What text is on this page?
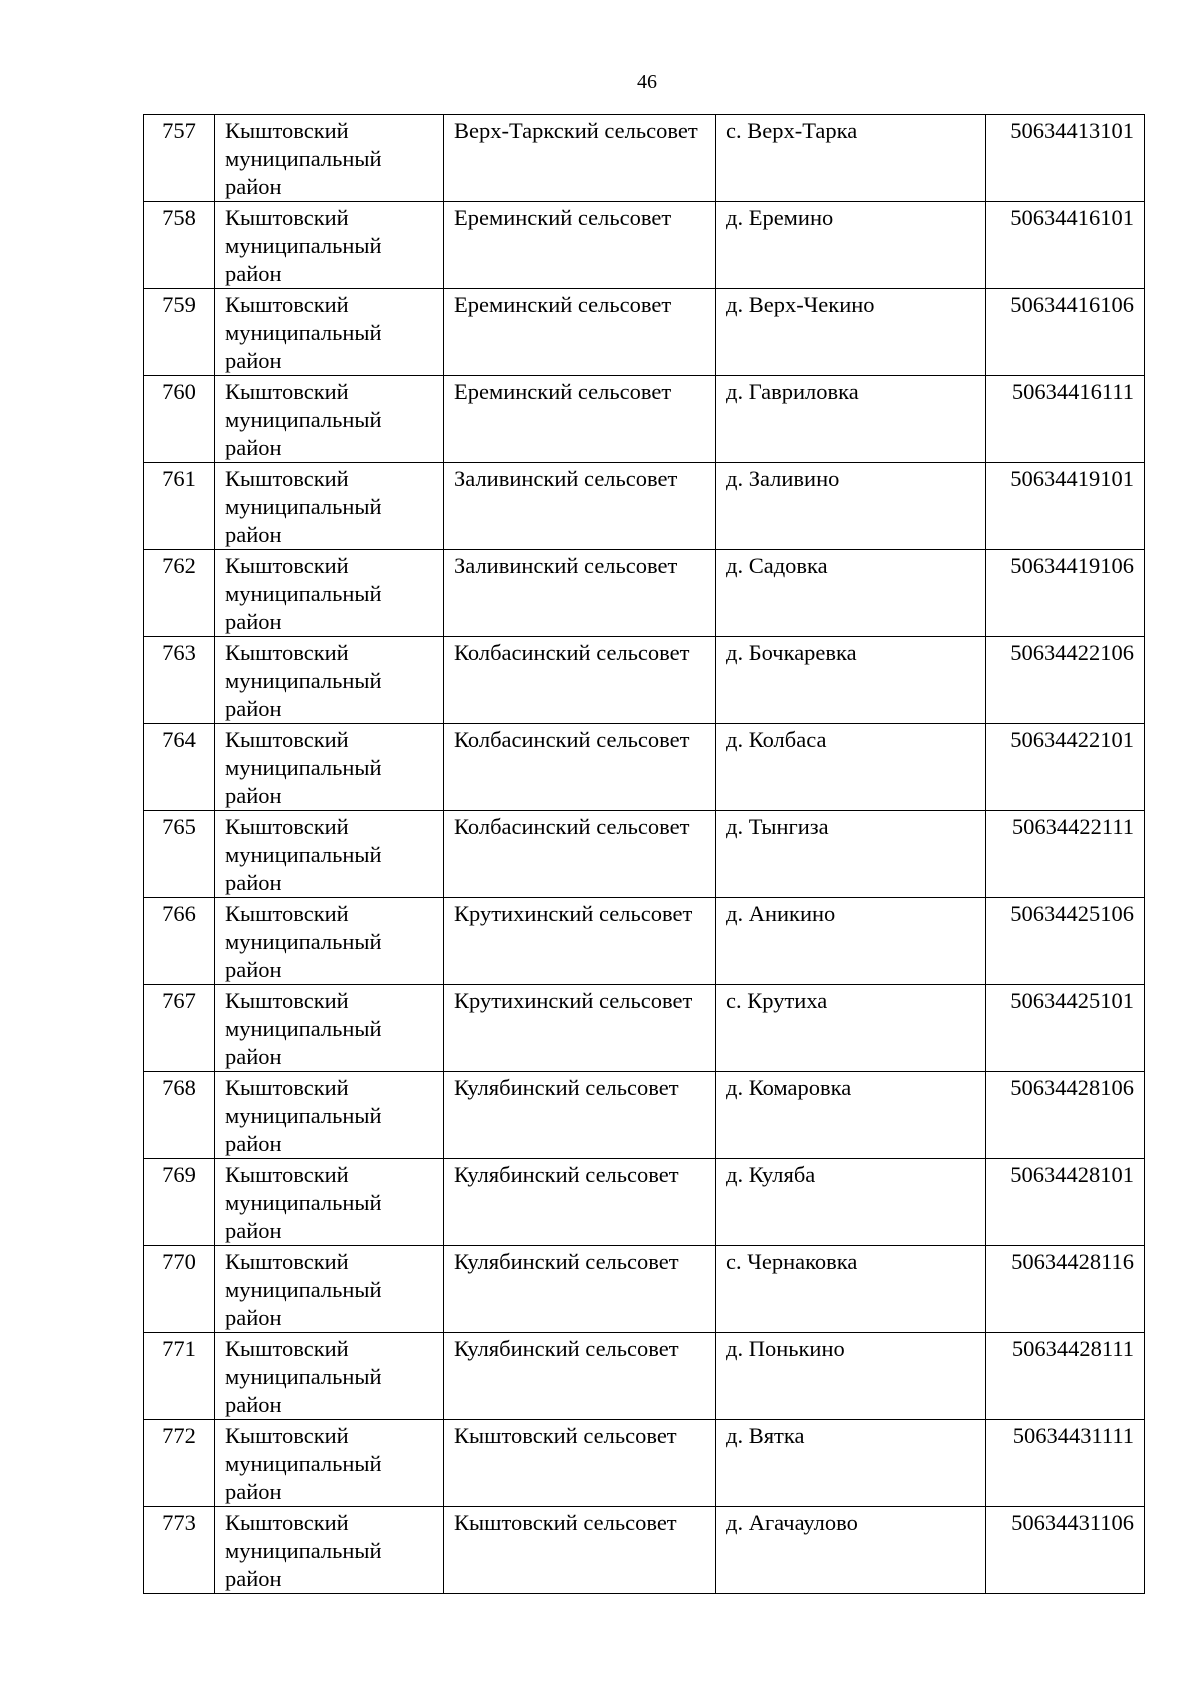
46
757	Кыштовский муниципальный район	Верх-Таркский сельсовет	с. Верх-Тарка	50634413101
758	Кыштовский муниципальный район	Ереминский сельсовет	д. Еремино	50634416101
759	Кыштовский муниципальный район	Ереминский сельсовет	д. Верх-Чекино	50634416106
760	Кыштовский муниципальный район	Ереминский сельсовет	д. Гавриловка	50634416111
761	Кыштовский муниципальный район	Заливинский сельсовет	д. Заливино	50634419101
762	Кыштовский муниципальный район	Заливинский сельсовет	д. Садовка	50634419106
763	Кыштовский муниципальный район	Колбасинский сельсовет	д. Бочкаревка	50634422106
764	Кыштовский муниципальный район	Колбасинский сельсовет	д. Колбаса	50634422101
765	Кыштовский муниципальный район	Колбасинский сельсовет	д. Тынгиза	50634422111
766	Кыштовский муниципальный район	Крутихинский сельсовет	д. Аникино	50634425106
767	Кыштовский муниципальный район	Крутихинский сельсовет	с. Крутиха	50634425101
768	Кыштовский муниципальный район	Кулябинский сельсовет	д. Комаровка	50634428106
769	Кыштовский муниципальный район	Кулябинский сельсовет	д. Куляба	50634428101
770	Кыштовский муниципальный район	Кулябинский сельсовет	с. Чернаковка	50634428116
771	Кыштовский муниципальный район	Кулябинский сельсовет	д. Понькино	50634428111
772	Кыштовский муниципальный район	Кыштовский сельсовет	д. Вятка	50634431111
773	Кыштовский муниципальный район	Кыштовский сельсовет	д. Агачаулово	50634431106
